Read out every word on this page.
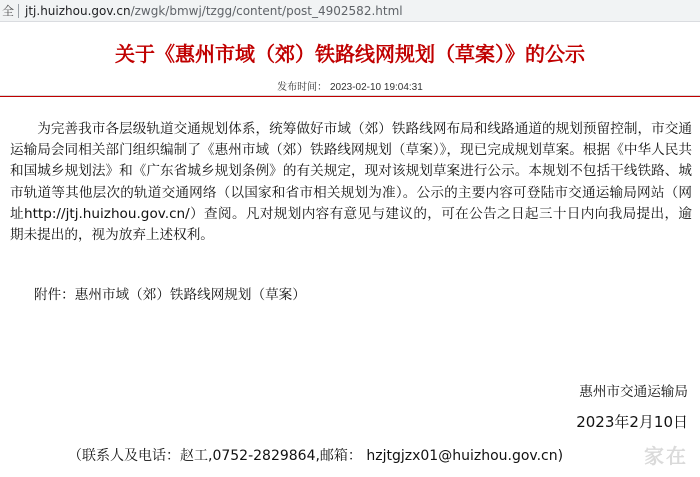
全 jtj.huizhou.gov.cn /zwgk/bmwj/tzgg/content/post_4902582.html
关于《惠州市域（郊）铁路线网规划（草案）》的公示
发布时间： 2023-02-10 19:04:31

为完善我市各层级轨道交通规划体系，统筹做好市域（郊）铁路线网布局和线路通道的规划预留控制，市交通运输局会同相关部门组织编制了《惠州市域（郊）铁路线网规划（草案）》，现已完成规划草案。根据《中华人民共和国城乡规划法》和《广东省城乡规划条例》的有关规定，现对该规划草案进行公示。本规划不包括干线铁路、城市轨道等其他层次的轨道交通网络（以国家和省市相关规划为准）。公示的主要内容可登陆市交通运输局网站（网址http://jtj.huizhou.gov.cn/）查阅。凡对规划内容有意见与建议的，可在公告之日起三十日内向我局提出，逾期未提出的，视为放弃上述权利。

附件：惠州市域（郊）铁路线网规划（草案）

惠州市交通运输局

2023年2月10日

（联系人及电话：赵工,0752-2829864,邮箱： hzjtgjzx01@huizhou.gov.cn)	家在
